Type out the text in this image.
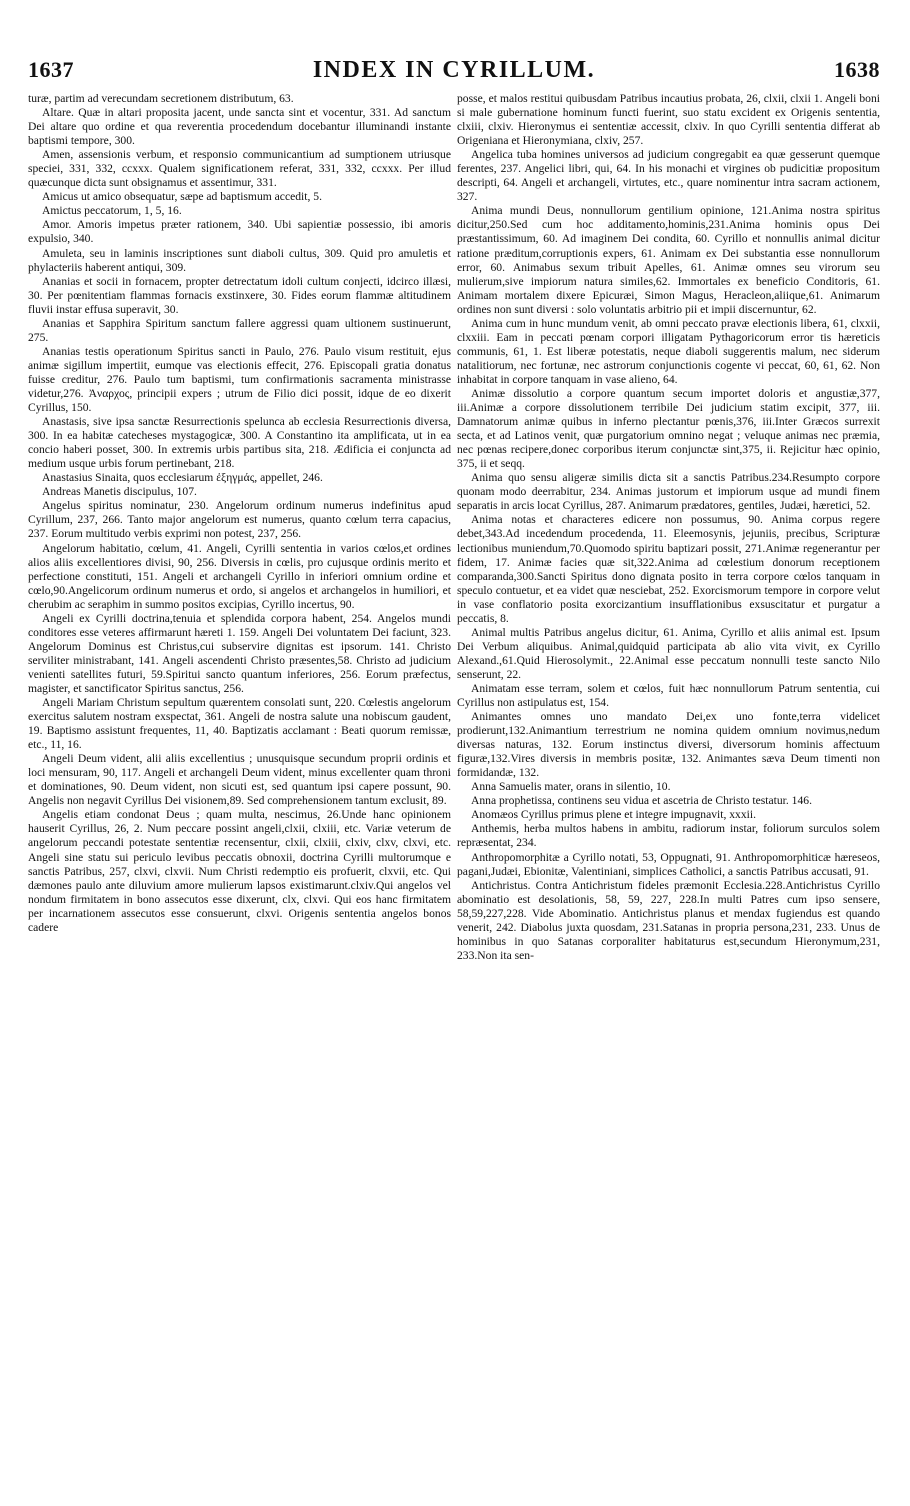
1637	INDEX IN CYRILLUM.	1638

turæ, partim ad verecundam secretionem distributum, 63.

Altare. Quæ in altari proposita jacent, unde sancta sint et vocentur, 331. Ad sanctum Dei altare quo ordine et qua reverentia procedendum docebantur illuminandi instante baptismi tempore, 300.

Amen, assensionis verbum, et responsio communicantium ad sumptionem utriusque speciei, 331, 332, ccxxx. Qualem significationem referat, 331, 332, ccxxx. Per illud quæcunque dicta sunt obsignamus et assentimur, 331.

Amicus ut amico obsequatur, sæpe ad baptismum accedit, 5.

Amictus peccatorum, 1, 5, 16.

Amor. Amoris impetus præter rationem, 340. Ubi sapientiæ possessio, ibi amoris expulsio, 340.

Amuleta, seu in laminis inscriptiones sunt diaboli cultus, 309. Quid pro amuletis et phylacteriis haberent antiqui, 309.

Ananias et socii in fornacem, propter detrectatum idoli cultum conjecti, idcirco illæsi, 30. Per pœnitentiam flammas fornacis exstinxere, 30. Fides eorum flammæ altitudinem fluvii instar effusa superavit, 30.

Ananias et Sapphira Spiritum sanctum fallere aggressi quam ultionem sustinuerunt, 275.

Ananias testis operationum Spiritus sancti in Paulo, 276. Paulo visum restituit, ejus animæ sigillum impertiit, eumque vas electionis effecit, 276. Episcopali gratia donatus fuisse creditur, 276. Paulo tum baptismi, tum confirmationis sacramenta ministrasse videtur,276. Ἀναρχος, principii expers ; utrum de Filio dici possit, idque de eo dixerit Cyrillus, 150.

Anastasis, sive ipsa sanctæ Resurrectionis spelunca ab ecclesia Resurrectionis diversa, 300. In ea habitæ catecheses mystagogicæ, 300. A Constantino ita amplificata, ut in ea concio haberi posset, 300. In extremis urbis partibus sita, 218. Ædificia ei conjuncta ad medium usque urbis forum pertinebant, 218.

Anastasius Sinaita, quos ecclesiarum ἐξηγμάς, appellet, 246.

Andreas Manetis discipulus, 107.

Angelus spiritus nominatur, 230. Angelorum ordinum numerus indefinitus apud Cyrillum, 237, 266. Tanto major angelorum est numerus, quanto cœlum terra capacius, 237. Eorum multitudo verbis exprimi non potest, 237, 256.

Angelorum habitatio, cœlum, 41. Angeli, Cyrilli sententia in varios cœlos,et ordines alios aliis excellentiores divisi, 90, 256. Diversis in cœlis, pro cujusque ordinis merito et perfectione constituti, 151. Angeli et archangeli Cyrillo in inferiori omnium ordine et cœlo,90.Angelicorum ordinum numerus et ordo, si angelos et archangelos in humiliori, et cherubim ac seraphim in summo positos excipias, Cyrillo incertus, 90.

Angeli ex Cyrilli doctrina,tenuia et splendida corpora habent, 254. Angelos mundi conditores esse veteres affirmarunt hæreti 1. 159. Angeli Dei voluntatem Dei faciunt, 323. Angelorum Dominus est Christus,cui subservire dignitas est ipsorum. 141. Christo serviliter ministrabant, 141. Angeli ascendenti Christo præsentes,58. Christo ad judicium venienti satellites futuri, 59.Spiritui sancto quantum inferiores, 256. Eorum præfectus, magister, et sanctificator Spiritus sanctus, 256.

Angeli Mariam Christum sepultum quærentem consolati sunt, 220. Cœlestis angelorum exercitus salutem nostram exspectat, 361. Angeli de nostra salute una nobiscum gaudent, 19. Baptismo assistunt frequentes, 11, 40. Baptizatis acclamant : Beati quorum remissæ, etc., 11, 16.

Angeli Deum vident, alii aliis excellentius ; unusquisque secundum proprii ordinis et loci mensuram, 90, 117. Angeli et archangeli Deum vident, minus excellenter quam throni et dominationes, 90. Deum vident, non sicuti est, sed quantum ipsi capere possunt, 90. Angelis non negavit Cyrillus Dei visionem,89. Sed comprehensionem tantum exclusit, 89.

Angelis etiam condonat Deus ; quam multa, nescimus, 26.Unde hanc opinionem hauserit Cyrillus, 26, 2. Num peccare possint angeli,clxii, clxiii, etc. Variæ veterum de angelorum peccandi potestate sententiæ recensentur, clxii, clxiii, clxiv, clxv, clxvi, etc. Angeli sine statu sui periculo levibus peccatis obnoxii, doctrina Cyrilli multorumque e sanctis Patribus, 257, clxvi, clxvii. Num Christi redemptio eis profuerit, clxvii, etc. Qui dæmones paulo ante diluvium amore mulierum lapsos existimarunt.clxiv.Qui angelos vel nondum firmitatem in bono assecutos esse dixerunt, clx, clxvi. Qui eos hanc firmitatem per incarnationem assecutos esse consuerunt, clxvi. Origenis sententia angelos bonos cadere

posse, et malos restitui quibusdam Patribus incautius probata, 26, clxii, clxii 1. Angeli boni si male gubernatione hominum functi fuerint, suo statu excident ex Origenis sententia, clxiii, clxiv. Hieronymus ei sententiæ accessit, clxiv. In quo Cyrilli sententia differat ab Origeniana et Hieronymiana, clxiv, 257.

Angelica tuba homines universos ad judicium congregabit ea quæ gesserunt quemque ferentes, 237. Angelici libri, qui, 64. In his monachi et virgines ob pudicitiæ propositum descripti, 64. Angeli et archangeli, virtutes, etc., quare nominentur intra sacram actionem, 327.

Anima mundi Deus, nonnullorum gentilium opinione, 121.Anima nostra spiritus dicitur,250.Sed cum hoc additamento,hominis,231.Anima hominis opus Dei præstantissimum, 60. Ad imaginem Dei condita, 60. Cyrillo et nonnullis animal dicitur ratione præditum,corruptionis expers, 61. Animam ex Dei substantia esse nonnullorum error, 60. Animabus sexum tribuit Apelles, 61. Animæ omnes seu virorum seu mulierum,sive impiorum natura similes,62. Immortales ex beneficio Conditoris, 61. Animam mortalem dixere Epicuræi, Simon Magus, Heracleon,aliique,61. Animarum ordines non sunt diversi : solo voluntatis arbitrio pii et impii discernuntur, 62.

Anima cum in hunc mundum venit, ab omni peccato pravæ electionis libera, 61, clxxii, clxxiii. Eam in peccati pœnam corpori illigatam Pythagoricorum error tis hæreticis communis, 61, 1. Est liberæ potestatis, neque diaboli suggerentis malum, nec siderum natalitiorum, nec fortunæ, nec astrorum conjunctionis cogente vi peccat, 60, 61, 62. Non inhabitat in corpore tanquam in vase alieno, 64.

Animæ dissolutio a corpore quantum secum importet doloris et angustiæ,377, iii.Animæ a corpore dissolutionem terribile Dei judicium statim excipit, 377, iii. Damnatorum animæ quibus in inferno plectantur pœnis,376, iii.Inter Græcos surrexit secta, et ad Latinos venit, quæ purgatorium omnino negat ; veluque animas nec præmia, nec pœnas recipere,donec corporibus iterum conjunctæ sint,375, ii. Rejicitur hæc opinio, 375, ii et seqq.

Anima quo sensu aligeræ similis dicta sit a sanctis Patribus.234.Resumpto corpore quonam modo deerrabitur, 234. Animas justorum et impiorum usque ad mundi finem separatis in arcis locat Cyrillus, 287. Animarum prædatores, gentiles, Judæi, hæretici, 52.

Anima notas et characteres edicere non possumus, 90. Anima corpus regere debet,343.Ad incedendum procedenda, 11. Eleemosynis, jejuniis, precibus, Scripturæ lectionibus muniendum,70.Quomodo spiritu baptizari possit, 271.Animæ regenerantur per fidem, 17. Animæ facies quæ sit,322.Anima ad cœlestium donorum receptionem comparanda,300.Sancti Spiritus dono dignata posito in terra corpore cœlos tanquam in speculo contuetur, et ea videt quæ nesciebat, 252. Exorcismorum tempore in corpore velut in vase conflatorio posita exorcizantium insufflationibus exsuscitatur et purgatur a peccatis, 8.

Animal multis Patribus angelus dicitur, 61. Anima, Cyrillo et aliis animal est. Ipsum Dei Verbum aliquibus. Animal,quidquid participata ab alio vita vivit, ex Cyrillo Alexand.,61.Quid Hierosolymit., 22.Animal esse peccatum nonnulli teste sancto Nilo senserunt, 22.

Animatam esse terram, solem et cœlos, fuit hæc nonnullorum Patrum sententia, cui Cyrillus non astipulatus est, 154.

Animantes omnes uno mandato Dei,ex uno fonte,terra videlicet prodierunt,132.Animantium terrestrium ne nomina quidem omnium novimus,nedum diversas naturas, 132. Eorum instinctus diversi, diversorum hominis affectuum figuræ,132.Vires diversis in membris positæ, 132. Animantes sæva Deum timenti non formidandæ, 132.

Anna Samuelis mater, orans in silentio, 10.

Anna prophetissa, continens seu vidua et ascetria de Christo testatur. 146.

Anomæos Cyrillus primus plene et integre impugnavit, xxxii.

Anthemis, herba multos habens in ambitu, radiorum instar, foliorum surculos solem repræsentat, 234.

Anthropomorphitæ a Cyrillo notati, 53, Oppugnati, 91. Anthropomorphiticæ hæreseos, pagani,Judæi, Ebionitæ, Valentiniani, simplices Catholici, a sanctis Patribus accusati, 91.

Antichristus. Contra Antichristum fideles præmonit Ecclesia.228.Antichristus Cyrillo abominatio est desolationis, 58, 59, 227, 228.In multi Patres cum ipso sensere, 58,59,227,228. Vide Abominatio. Antichristus planus et mendax fugiendus est quando venerit, 242. Diabolus juxta quosdam, 231.Satanas in propria persona,231, 233. Unus de hominibus in quo Satanas corporaliter habitaturus est,secundum Hieronymum,231, 233.Non ita sen-
